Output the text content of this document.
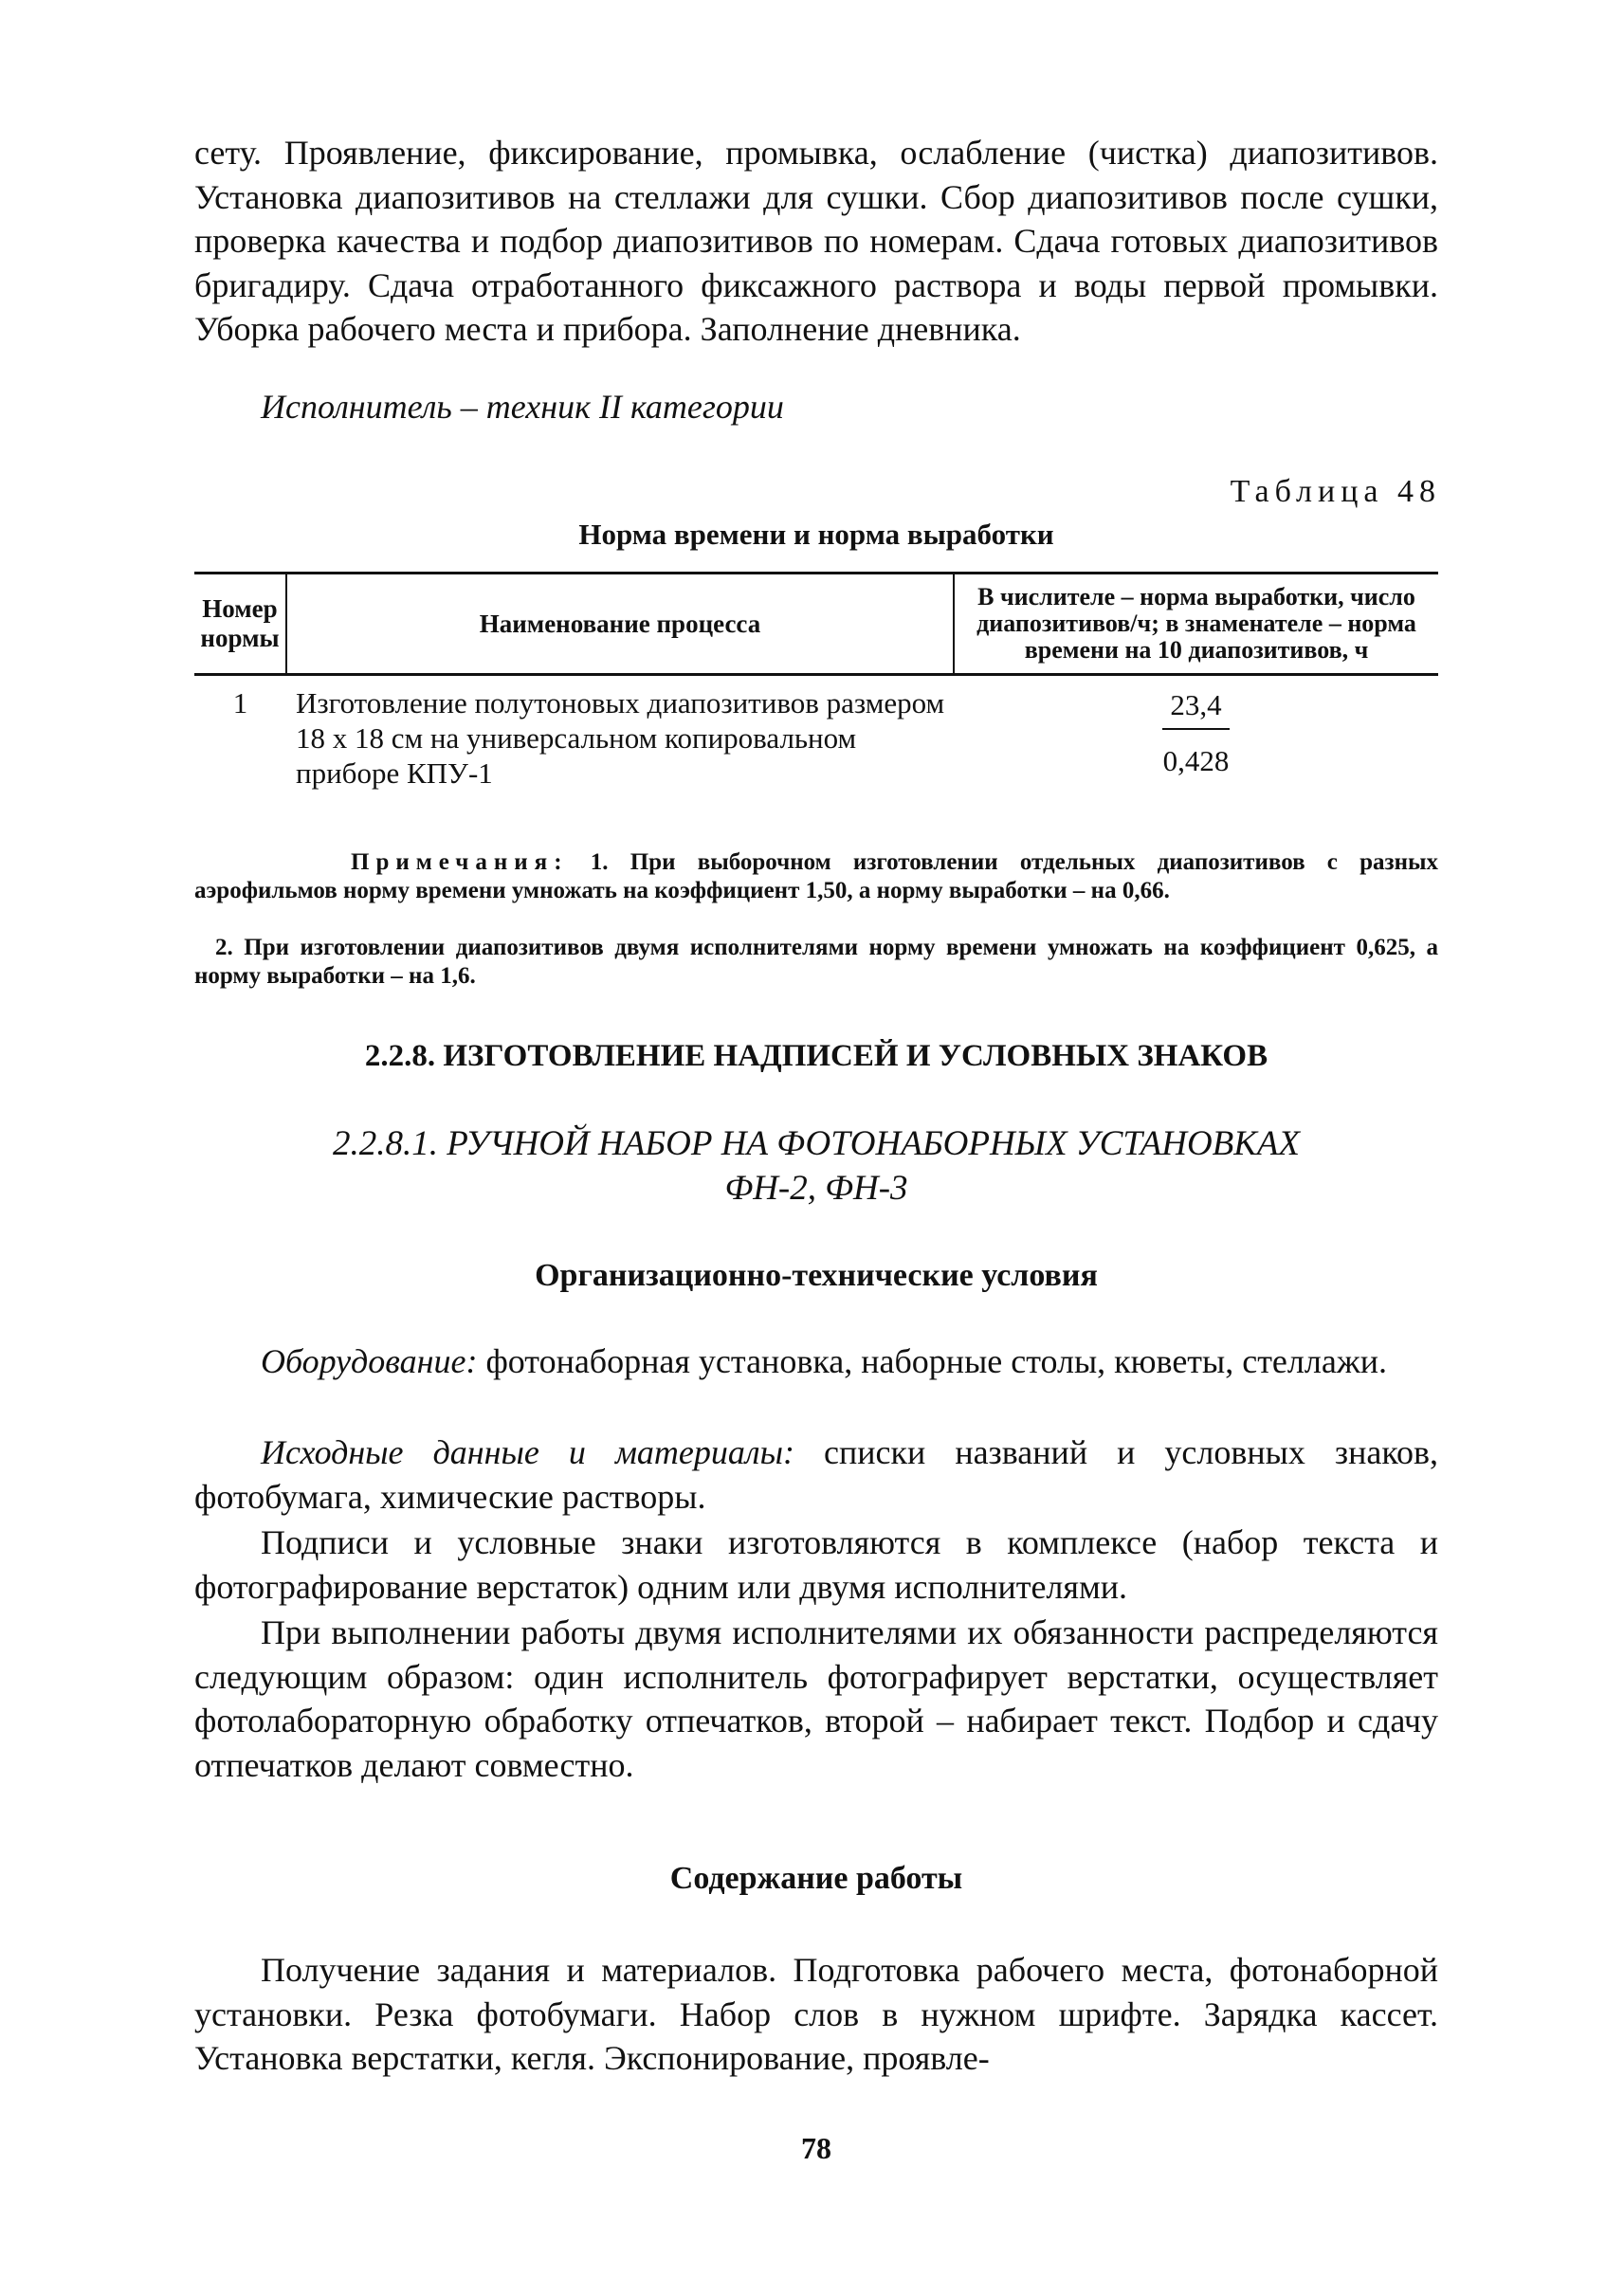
сету. Проявление, фиксирование, промывка, ослабление (чистка) диапозитивов. Установка диапозитивов на стеллажи для сушки. Сбор диапозитивов после сушки, проверка качества и подбор диапозитивов по номерам. Сдача готовых диапозитивов бригадиру. Сдача отработанного фиксажного раствора и воды первой промывки. Уборка рабочего места и прибора. Заполнение дневника.

Исполнитель – техник II категории

Таблица 48

Норма времени и норма выработки

Номер нормы	Наименование процесса	В числителе – норма выработки, число диапозитивов/ч; в знаменателе – норма времени на 10 диапозитивов, ч
1	Изготовление полутоновых диапозитивов размером 18 х 18 см на универсальном копировальном приборе КПУ-1	$\frac{23,4}{0,428}$

Примечания: 1. При выборочном изготовлении отдельных диапозитивов с разных аэрофильмов норму времени умножать на коэффициент 1,50, а норму выработки – на 0,66.

2. При изготовлении диапозитивов двумя исполнителями норму времени умножать на коэффициент 0,625, а норму выработки – на 1,6.

2.2.8. ИЗГОТОВЛЕНИЕ НАДПИСЕЙ И УСЛОВНЫХ ЗНАКОВ

2.2.8.1. РУЧНОЙ НАБОР НА ФОТОНАБОРНЫХ УСТАНОВКАХ
ФН-2, ФН-3

Организационно-технические условия

Оборудование: фотонаборная установка, наборные столы, кюветы, стеллажи.

Исходные данные и материалы: списки названий и условных знаков, фотобумага, химические растворы.

Подписи и условные знаки изготовляются в комплексе (набор текста и фотографирование верстаток) одним или двумя исполнителями.

При выполнении работы двумя исполнителями их обязанности распределяются следующим образом: один исполнитель фотографирует верстатки, осуществляет фотолабораторную обработку отпечатков, второй – набирает текст. Подбор и сдачу отпечатков делают совместно.

Содержание работы

Получение задания и материалов. Подготовка рабочего места, фотонаборной установки. Резка фотобумаги. Набор слов в нужном шрифте. Зарядка кассет. Установка верстатки, кегля. Экспонирование, проявле-

78
